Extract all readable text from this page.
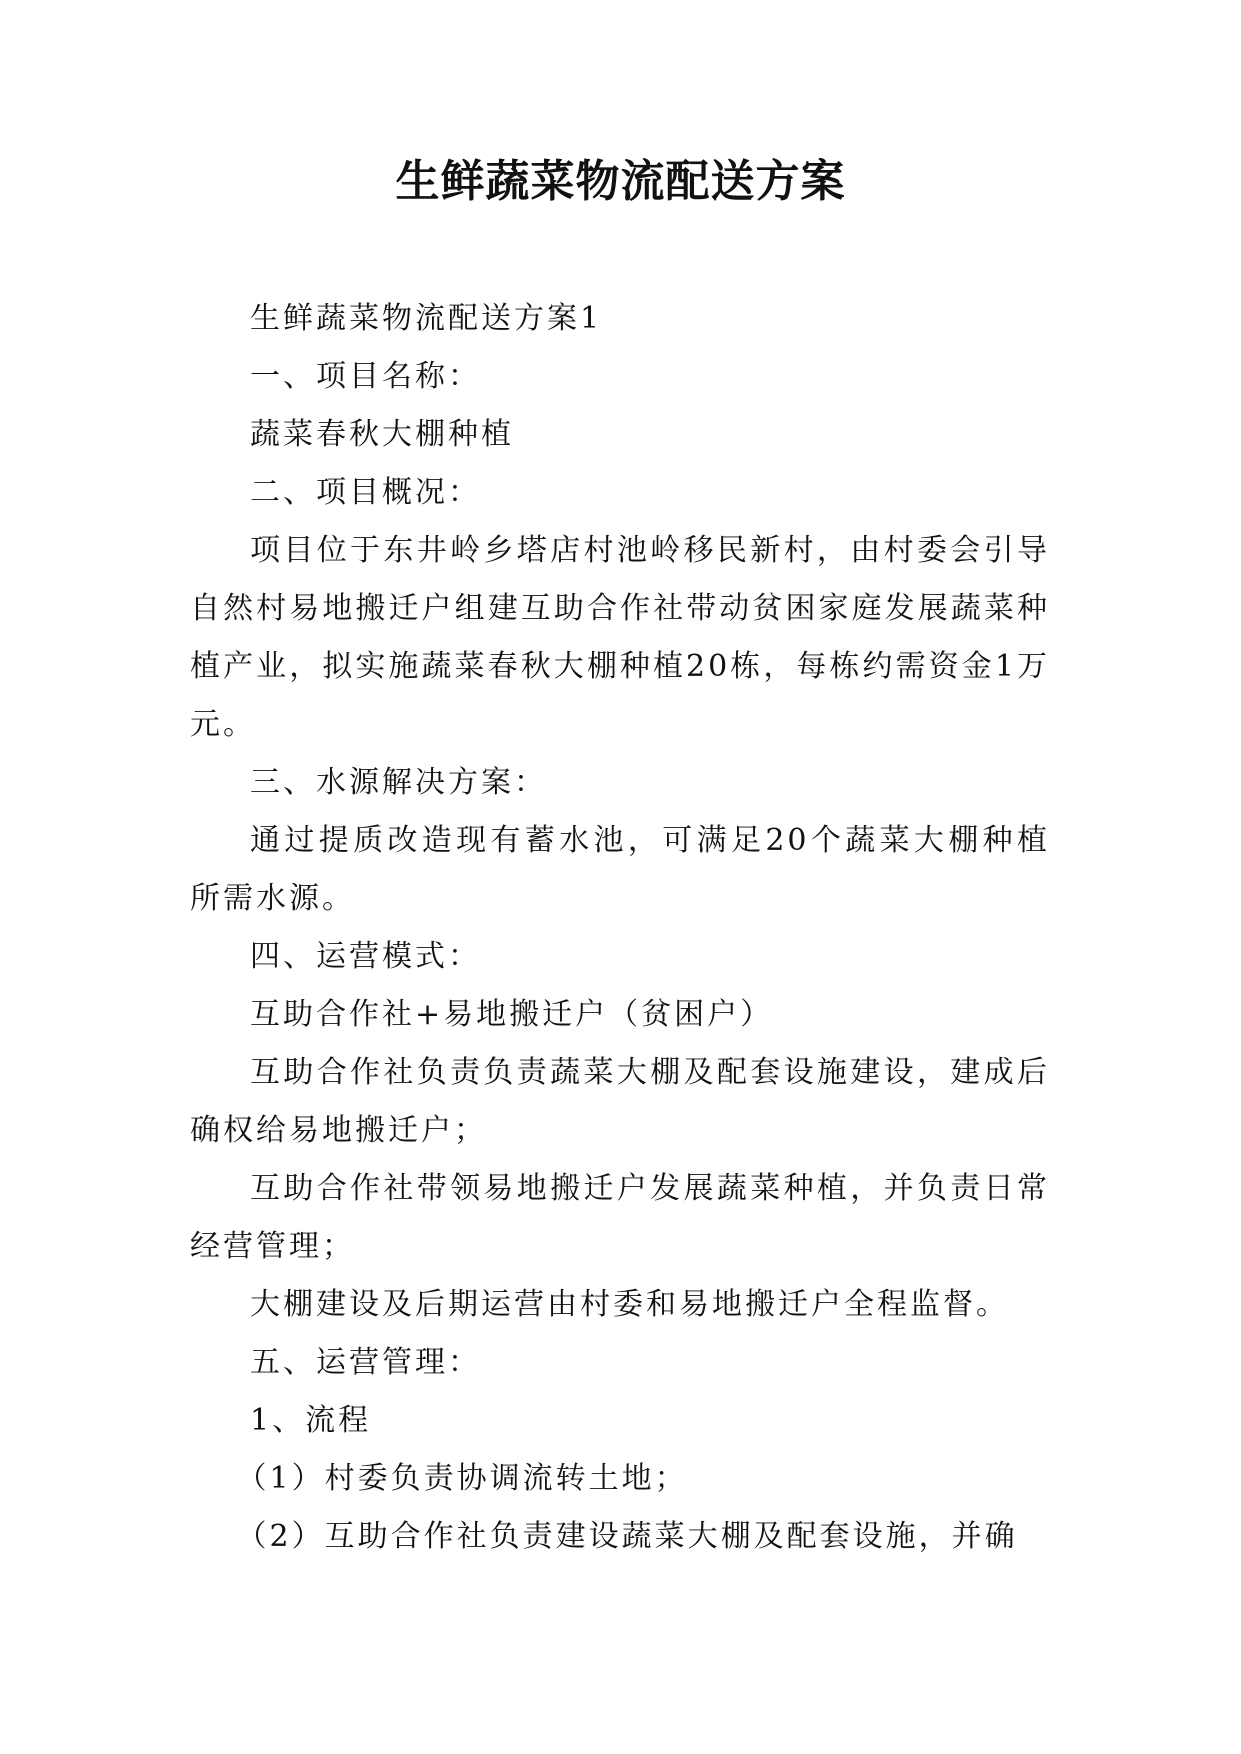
生鲜蔬菜物流配送方案

生鲜蔬菜物流配送方案1

一、项目名称：

蔬菜春秋大棚种植

二、项目概况：

项目位于东井岭乡塔店村池岭移民新村，由村委会引导自然村易地搬迁户组建互助合作社带动贫困家庭发展蔬菜种植产业，拟实施蔬菜春秋大棚种植20栋，每栋约需资金1万元。

三、水源解决方案：

通过提质改造现有蓄水池，可满足20个蔬菜大棚种植所需水源。

四、运营模式：

互助合作社+易地搬迁户（贫困户）

互助合作社负责负责蔬菜大棚及配套设施建设，建成后确权给易地搬迁户；

互助合作社带领易地搬迁户发展蔬菜种植，并负责日常经营管理；

大棚建设及后期运营由村委和易地搬迁户全程监督。

五、运营管理：

1、流程

（1）村委负责协调流转土地；

（2）互助合作社负责建设蔬菜大棚及配套设施，并确
